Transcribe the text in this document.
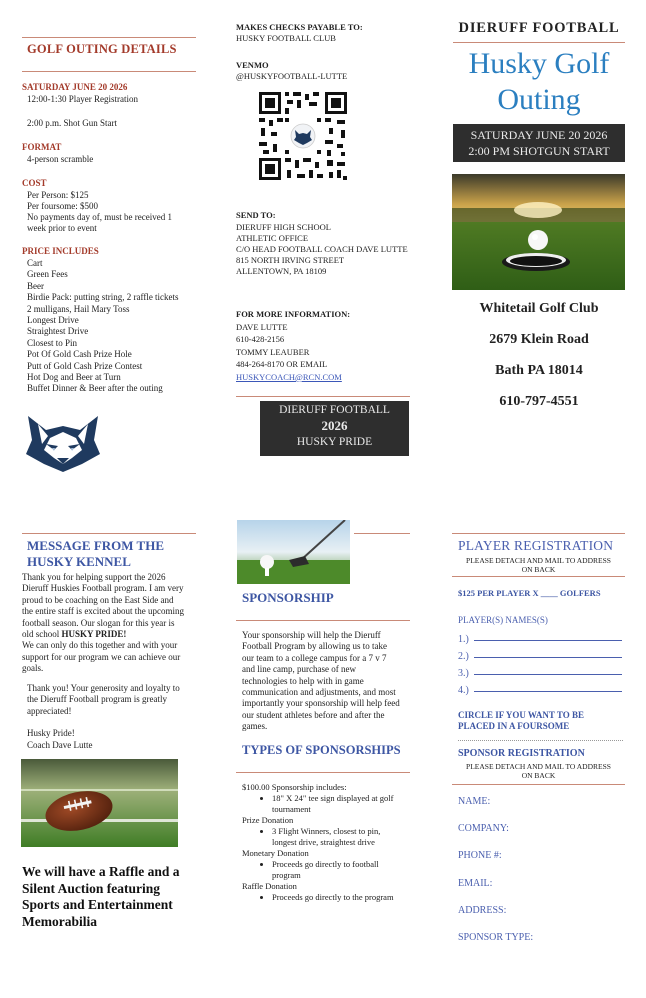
GOLF OUTING DETAILS
SATURDAY JUNE 20 2026
12:00-1:30 Player Registration
2:00 p.m. Shot Gun Start
FORMAT
4-person scramble
COST
Per Person: $125
Per foursome: $500
No payments day of, must be received 1
week prior to event
PRICE INCLUDES
Cart
Green Fees
Beer
Birdie Pack: putting string, 2 raffle tickets
2 mulligans, Hail Mary Toss
Longest Drive
Straightest Drive
Closest to Pin
Pot Of Gold Cash Prize Hole
Putt of Gold Cash Prize Contest
Hot Dog and Beer at Turn
Buffet Dinner & Beer after the outing
MAKES CHECKS PAYABLE TO:
HUSKY FOOTBALL CLUB
VENMO
@HUSKYFOOTBALL-LUTTE
SEND TO:
DIERUFF HIGH SCHOOL
ATHLETIC OFFICE
C/O HEAD FOOTBALL COACH DAVE LUTTE
815 NORTH IRVING STREET
ALLENTOWN, PA 18109
FOR MORE INFORMATION:
DAVE LUTTE
610-428-2156
TOMMY LEAUBER
484-264-8170 OR EMAIL
HUSKYCOACH@RCN.COM
DIERUFF FOOTBALL
2026
HUSKY PRIDE
DIERUFF FOOTBALL
Husky Golf
Outing
SATURDAY JUNE 20 2026
2:00 PM SHOTGUN START
Whitetail Golf Club
2679 Klein Road
Bath PA 18014
610-797-4551
MESSAGE FROM THE
HUSKY KENNEL
Thank you for helping support the 2026
Dieruff Huskies Football program. I am very
proud to be coaching on the East Side and
the entire staff is excited about the upcoming
football season. Our slogan for this year is
old school HUSKY PRIDE!
We can only do this together and with your
support for our program we can achieve our
goals.
Thank you! Your generosity and loyalty to
the Dieruff Football program is greatly
appreciated!
Husky Pride!
Coach Dave Lutte
We will have a Raffle and a
Silent Auction featuring
Sports and Entertainment
Memorabilia
SPONSORSHIP
Your sponsorship will help the Dieruff
Football Program by allowing us to take
our team to a college campus for a 7 v 7
and line camp, purchase of new
technologies to help with in game
communication and adjustments, and most
importantly your sponsorship will help feed
our student athletes before and after the
games.
TYPES OF SPONSORSHIPS
$100.00 Sponsorship includes:
• 18" X 24" tee sign displayed at golf
tournament
Prize Donation
• 3 Flight Winners, closest to pin,
longest drive, straightest drive
Monetary Donation
• Proceeds go directly to football
program
Raffle Donation
• Proceeds go directly to the program
PLAYER REGISTRATION
PLEASE DETACH AND MAIL TO ADDRESS
ON BACK
$125 PER PLAYER X ____ GOLFERS
PLAYER(S) NAMES(S)
1.)
2.)
3.)
4.)
CIRCLE IF YOU WANT TO BE
PLACED IN A FOURSOME
SPONSOR REGISTRATION
PLEASE DETACH AND MAIL TO ADDRESS
ON BACK
NAME:
COMPANY:
PHONE #:
EMAIL:
ADDRESS:
SPONSOR TYPE:
